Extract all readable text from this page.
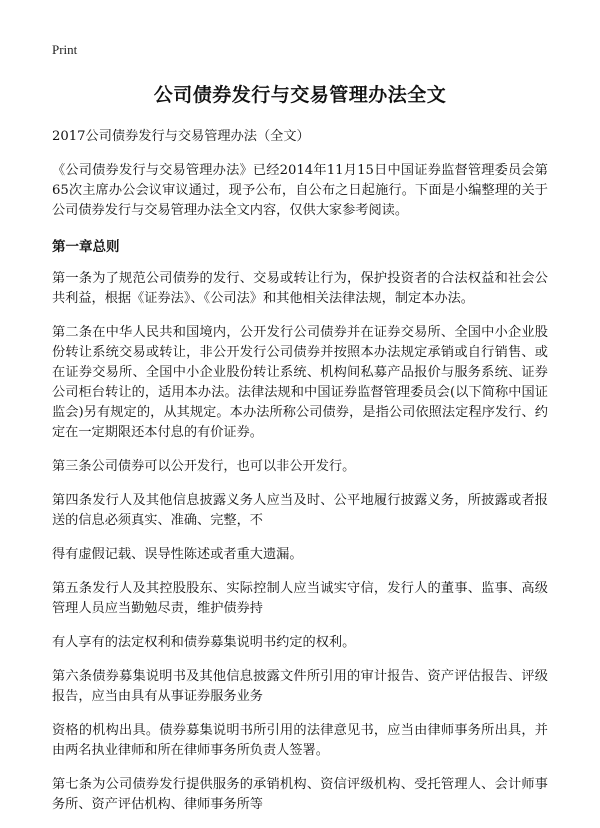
Print
公司债券发行与交易管理办法全文

2017公司债券发行与交易管理办法（全文）

《公司债券发行与交易管理办法》已经2014年11月15日中国证券监督管理委员会第65次主席办公会议审议通过，现予公布，自公布之日起施行。下面是小编整理的关于公司债券发行与交易管理办法全文内容，仅供大家参考阅读。

第一章总则

第一条为了规范公司债券的发行、交易或转让行为，保护投资者的合法权益和社会公共利益，根据《证券法》、《公司法》和其他相关法律法规，制定本办法。

第二条在中华人民共和国境内，公开发行公司债券并在证券交易所、全国中小企业股份转让系统交易或转让，非公开发行公司债券并按照本办法规定承销或自行销售、或在证券交易所、全国中小企业股份转让系统、机构间私募产品报价与服务系统、证券公司柜台转让的，适用本办法。法律法规和中国证券监督管理委员会(以下简称中国证监会)另有规定的，从其规定。本办法所称公司债券，是指公司依照法定程序发行、约定在一定期限还本付息的有价证券。

第三条公司债券可以公开发行，也可以非公开发行。

第四条发行人及其他信息披露义务人应当及时、公平地履行披露义务，所披露或者报送的信息必须真实、准确、完整，不

得有虚假记载、误导性陈述或者重大遗漏。

第五条发行人及其控股股东、实际控制人应当诚实守信，发行人的董事、监事、高级管理人员应当勤勉尽责，维护债券持

有人享有的法定权利和债券募集说明书约定的权利。

第六条债券募集说明书及其他信息披露文件所引用的审计报告、资产评估报告、评级报告，应当由具有从事证券服务业务

资格的机构出具。债券募集说明书所引用的法律意见书，应当由律师事务所出具，并由两名执业律师和所在律师事务所负责人签署。

第七条为公司债券发行提供服务的承销机构、资信评级机构、受托管理人、会计师事务所、资产评估机构、律师事务所等
